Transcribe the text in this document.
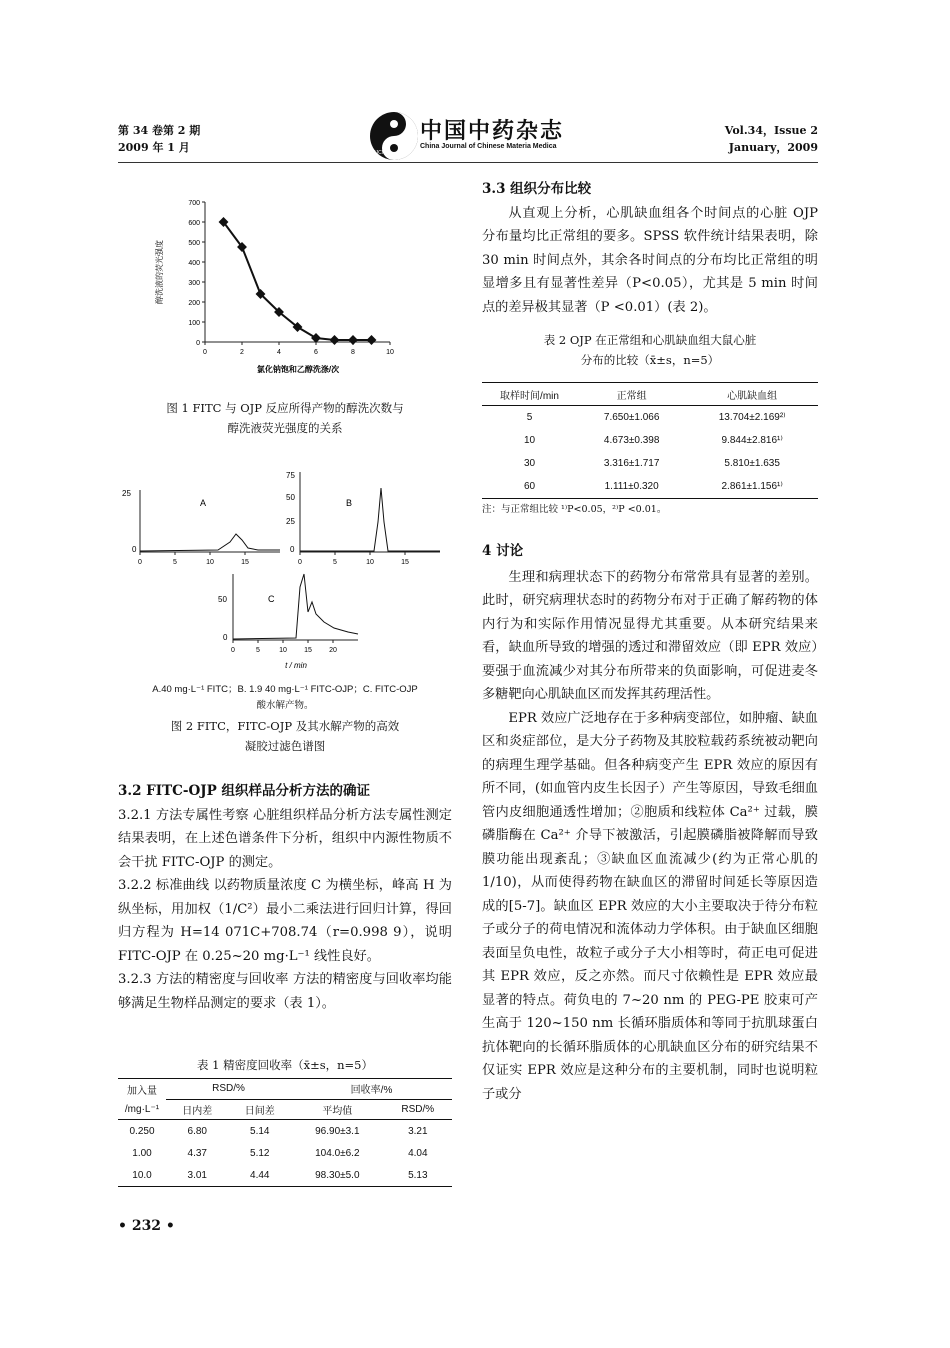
第 34 卷第 2 期
2009 年 1 月	CJCMM
中国中药杂志
China Journal of Chinese Materia Medica
Vol.34，Issue 2
January，2009
0
100
200
300
400
500
600
700
0	2	4	6	8	10
醇洗液的荧光强度
氯化钠饱和乙醇洗涤/次
图 1 FITC 与 OJP 反应所得产物的醇洗次数与
醇洗液荧光强度的关系
25
0
A
0	5	10	15
75
50
25
0
B
0	5	10	15
50
0
C
0	5	10 15 20
t / min
A.40 mg·L⁻¹ FITC；B. 1.9 40 mg·L⁻¹ FITC-OJP；C. FITC-OJP
酸水解产物。
图 2 FITC，FITC-OJP 及其水解产物的高效
凝胶过滤色谱图

3.2 FITC-OJP 组织样品分析方法的确证

3.2.1 方法专属性考察 心脏组织样品分析方法专属性测定结果表明，在上述色谱条件下分析，组织中内源性物质不会干扰 FITC-OJP 的测定。

3.2.2 标准曲线 以药物质量浓度 C 为横坐标，峰高 H 为纵坐标，用加权（1/C²）最小二乘法进行回归计算，得回归方程为 H=14 071C+708.74（r=0.998 9），说明 FITC-OJP 在 0.25~20 mg·L⁻¹ 线性良好。

3.2.3 方法的精密度与回收率 方法的精密度与回收率均能够满足生物样品测定的要求（表 1）。

表 1 精密度回收率（x̄±s，n=5）
加入量	RSD/%		回收率/%	
/mg·L⁻¹	日内差	日间差	平均值	RSD/%
0.250	6.80	5.14	96.90±3.1	3.21
1.00	4.37	5.12	104.0±6.2	4.04
10.0	3.01	4.44	98.30±5.0	5.13

3.3 组织分布比较

从直观上分析，心肌缺血组各个时间点的心脏 OJP 分布量均比正常组的要多。SPSS 软件统计结果表明，除 30 min 时间点外，其余各时间点的分布均比正常组的明显增多且有显著性差异（P<0.05），尤其是 5 min 时间点的差异极其显著（P <0.01）(表 2)。

表 2 OJP 在正常组和心肌缺血组大鼠心脏
分布的比较（x̄±s，n=5）
取样时间/min	正常组	心肌缺血组
5	7.650±1.066	13.704±2.169²⁾
10	4.673±0.398	9.844±2.816¹⁾
30	3.316±1.717	5.810±1.635
60	1.111±0.320	2.861±1.156¹⁾
注：与正常组比较 ¹⁾P<0.05，²⁾P <0.01。

4 讨论

生理和病理状态下的药物分布常常具有显著的差别。此时，研究病理状态时的药物分布对于正确了解药物的体内行为和实际作用情况显得尤其重要。从本研究结果来看，缺血所导致的增强的透过和滞留效应（即 EPR 效应）要强于血流减少对其分布所带来的负面影响，可促进麦冬多糖靶向心肌缺血区而发挥其药理活性。

EPR 效应广泛地存在于多种病变部位，如肿瘤、缺血区和炎症部位，是大分子药物及其胶粒载药系统被动靶向的病理生理学基础。但各种病变产生 EPR 效应的原因有所不同，(如血管内皮生长因子）产生等原因，导致毛细血管内皮细胞通透性增加；②胞质和线粒体 Ca²⁺ 过载，膜磷脂酶在 Ca²⁺ 介导下被激活，引起膜磷脂被降解而导致膜功能出现紊乱；③缺血区血流减少(约为正常心肌的 1/10)，从而使得药物在缺血区的滞留时间延长等原因造成的[5-7]。缺血区 EPR 效应的大小主要取决于待分布粒子或分子的荷电情况和流体动力学体积。由于缺血区细胞表面呈负电性，故粒子或分子大小相等时，荷正电可促进其 EPR 效应，反之亦然。而尺寸依赖性是 EPR 效应最显著的特点。荷负电的 7~20 nm 的 PEG-PE 胶束可产生高于 120~150 nm 长循环脂质体和等同于抗肌球蛋白抗体靶向的长循环脂质体的心肌缺血区分布的研究结果不仅证实 EPR 效应是这种分布的主要机制，同时也说明粒子或分

• 232 •
